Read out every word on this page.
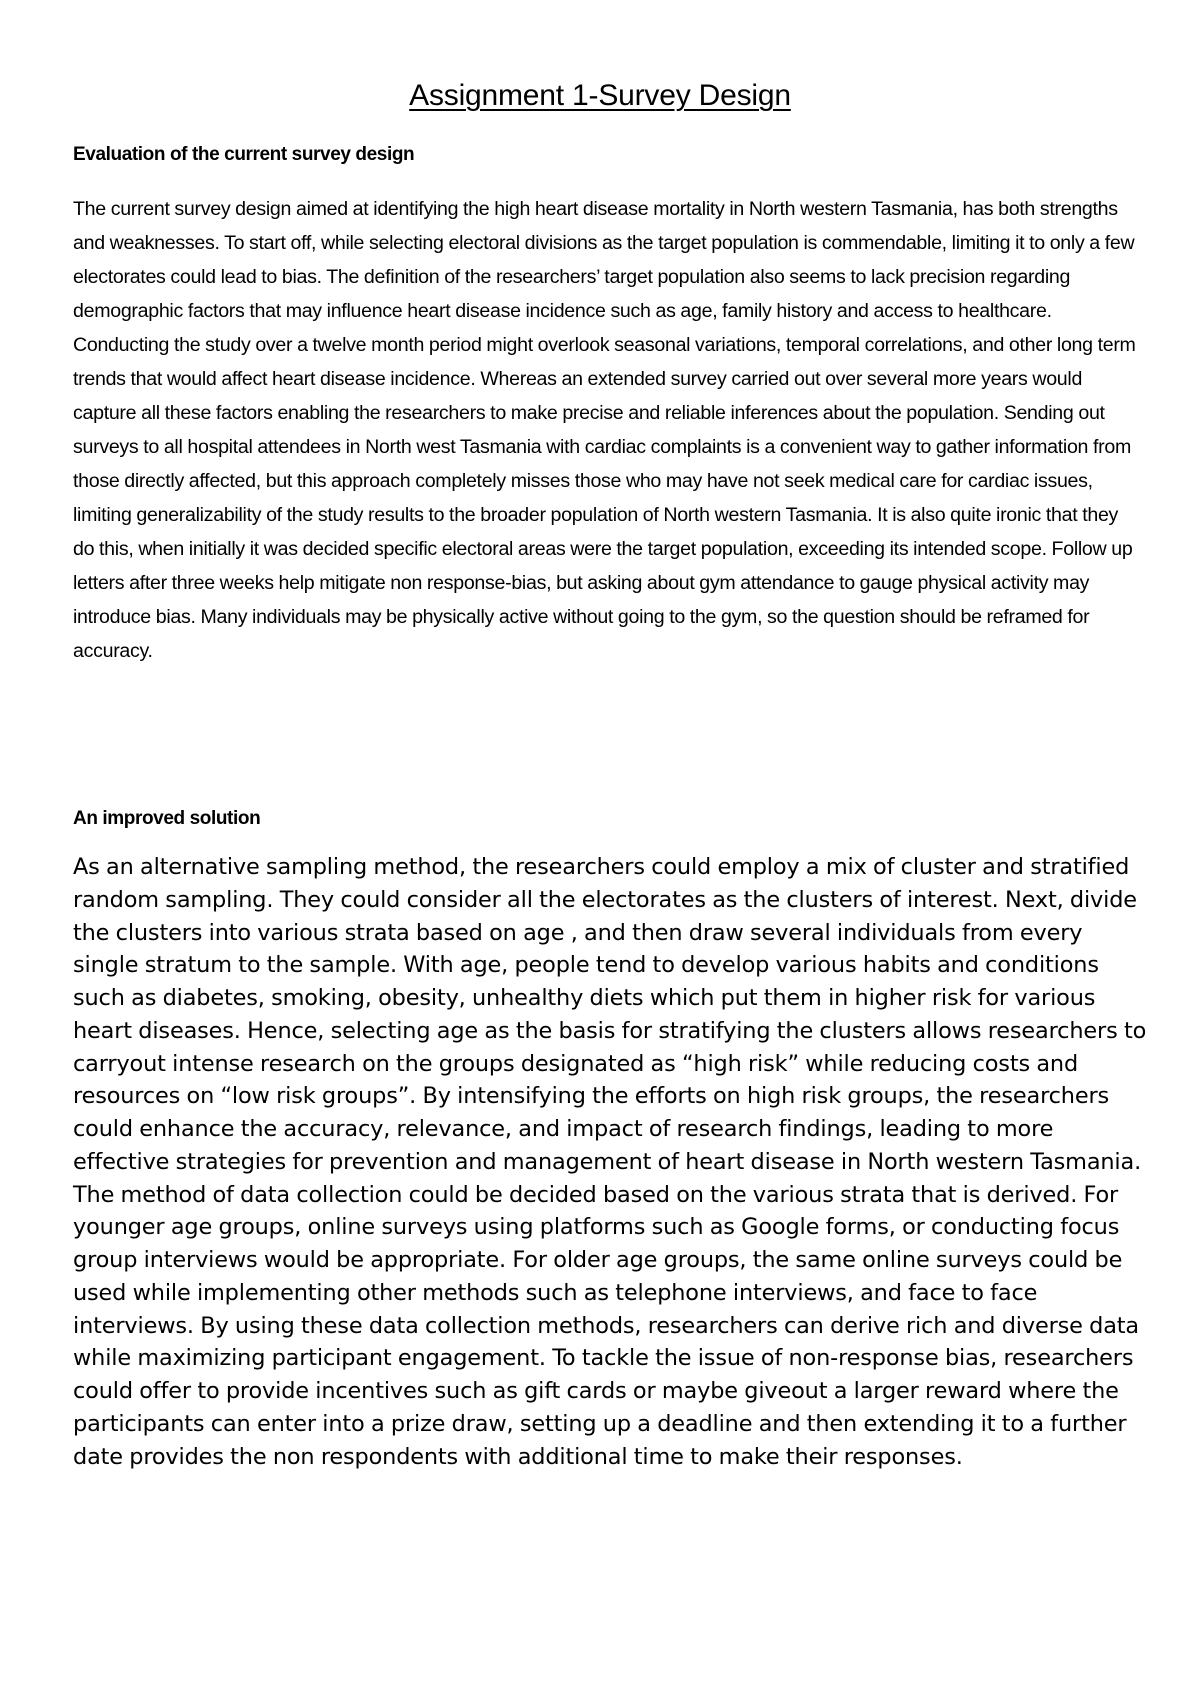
Assignment 1-Survey Design
Evaluation of the current survey design

The current survey design aimed at identifying the high heart disease mortality in North western Tasmania, has both strengths and weaknesses. To start off, while selecting electoral divisions as the target population is commendable, limiting it to only a few electorates could lead to bias. The definition of the researchers’ target population also seems to lack precision regarding demographic factors that may influence heart disease incidence such as age, family history and access to healthcare. Conducting the study over a twelve month period might overlook seasonal variations, temporal correlations, and other long term trends that would affect heart disease incidence. Whereas an extended survey carried out over several more years would capture all these factors enabling the researchers to make precise and reliable inferences about the population. Sending out surveys to all hospital attendees in North west Tasmania with cardiac complaints is a convenient way to gather information from those directly affected, but this approach completely misses those who may have not seek medical care for cardiac issues, limiting generalizability of the study results to the broader population of North western Tasmania. It is also quite ironic that they do this, when initially it was decided specific electoral areas were the target population, exceeding its intended scope. Follow up letters after three weeks help mitigate non response-bias, but asking about gym attendance to gauge physical activity may introduce bias. Many individuals may be physically active without going to the gym, so the question should be reframed for accuracy.

An improved solution

As an alternative sampling method, the researchers could employ a mix of cluster and stratified random sampling. They could consider all the electorates as the clusters of interest. Next, divide the clusters into various strata based on age , and then draw several individuals from every single stratum to the sample. With age, people tend to develop various habits and conditions such as diabetes, smoking, obesity, unhealthy diets which put them in higher risk for various heart diseases. Hence, selecting age as the basis for stratifying the clusters allows researchers to carryout intense research on the groups designated as “high risk” while reducing costs and resources on “low risk groups”. By intensifying the efforts on high risk groups, the researchers could enhance the accuracy, relevance, and impact of research findings, leading to more effective strategies for prevention and management of heart disease in North western Tasmania. The method of data collection could be decided based on the various strata that is derived. For younger age groups, online surveys using platforms such as Google forms, or conducting focus group interviews would be appropriate. For older age groups, the same online surveys could be used while implementing other methods such as telephone interviews, and face to face interviews. By using these data collection methods, researchers can derive rich and diverse data while maximizing participant engagement. To tackle the issue of non-response bias, researchers could offer to provide incentives such as gift cards or maybe giveout a larger reward where the participants can enter into a prize draw, setting up a deadline and then extending it to a further date provides the non respondents with additional time to make their responses.
